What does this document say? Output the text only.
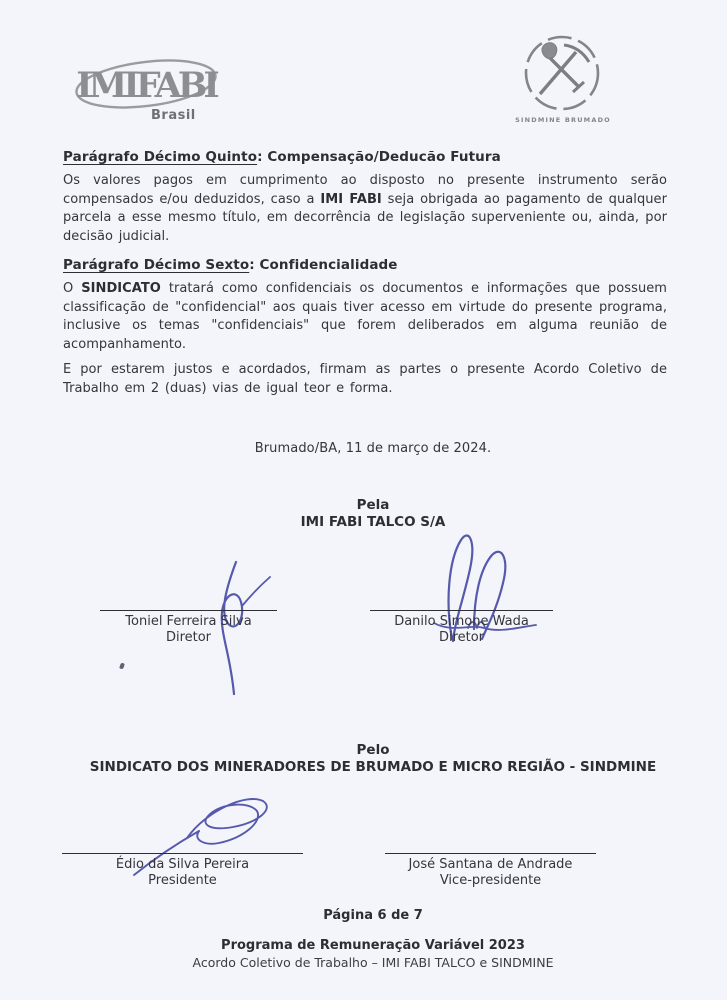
IMIFABI
Brasil	SINDMINE BRUMADO
Parágrafo Décimo Quinto: Compensação/Deducão Futura

Os valores pagos em cumprimento ao disposto no presente instrumento serão compensados e/ou deduzidos, caso a IMI FABI seja obrigada ao pagamento de qualquer parcela a esse mesmo título, em decorrência de legislação superveniente ou, ainda, por decisão judicial.

Parágrafo Décimo Sexto: Confidencialidade

O SINDICATO tratará como confidenciais os documentos e informações que possuem classificação de "confidencial" aos quais tiver acesso em virtude do presente programa, inclusive os temas "confidenciais" que forem deliberados em alguma reunião de acompanhamento.

E por estarem justos e acordados, firmam as partes o presente Acordo Coletivo de Trabalho em 2 (duas) vias de igual teor e forma.

Brumado/BA, 11 de março de 2024.
Pela
IMI FABI TALCO S/A
Toniel Ferreira Silva
Diretor
Danilo Simone Wada
Diretor
Pelo
SINDICATO DOS MINERADORES DE BRUMADO E MICRO REGIÃO - SINDMINE
Édio da Silva Pereira
Presidente
José Santana de Andrade
Vice-presidente
Página 6 de 7
Programa de Remuneração Variável 2023
Acordo Coletivo de Trabalho – IMI FABI TALCO e SINDMINE
